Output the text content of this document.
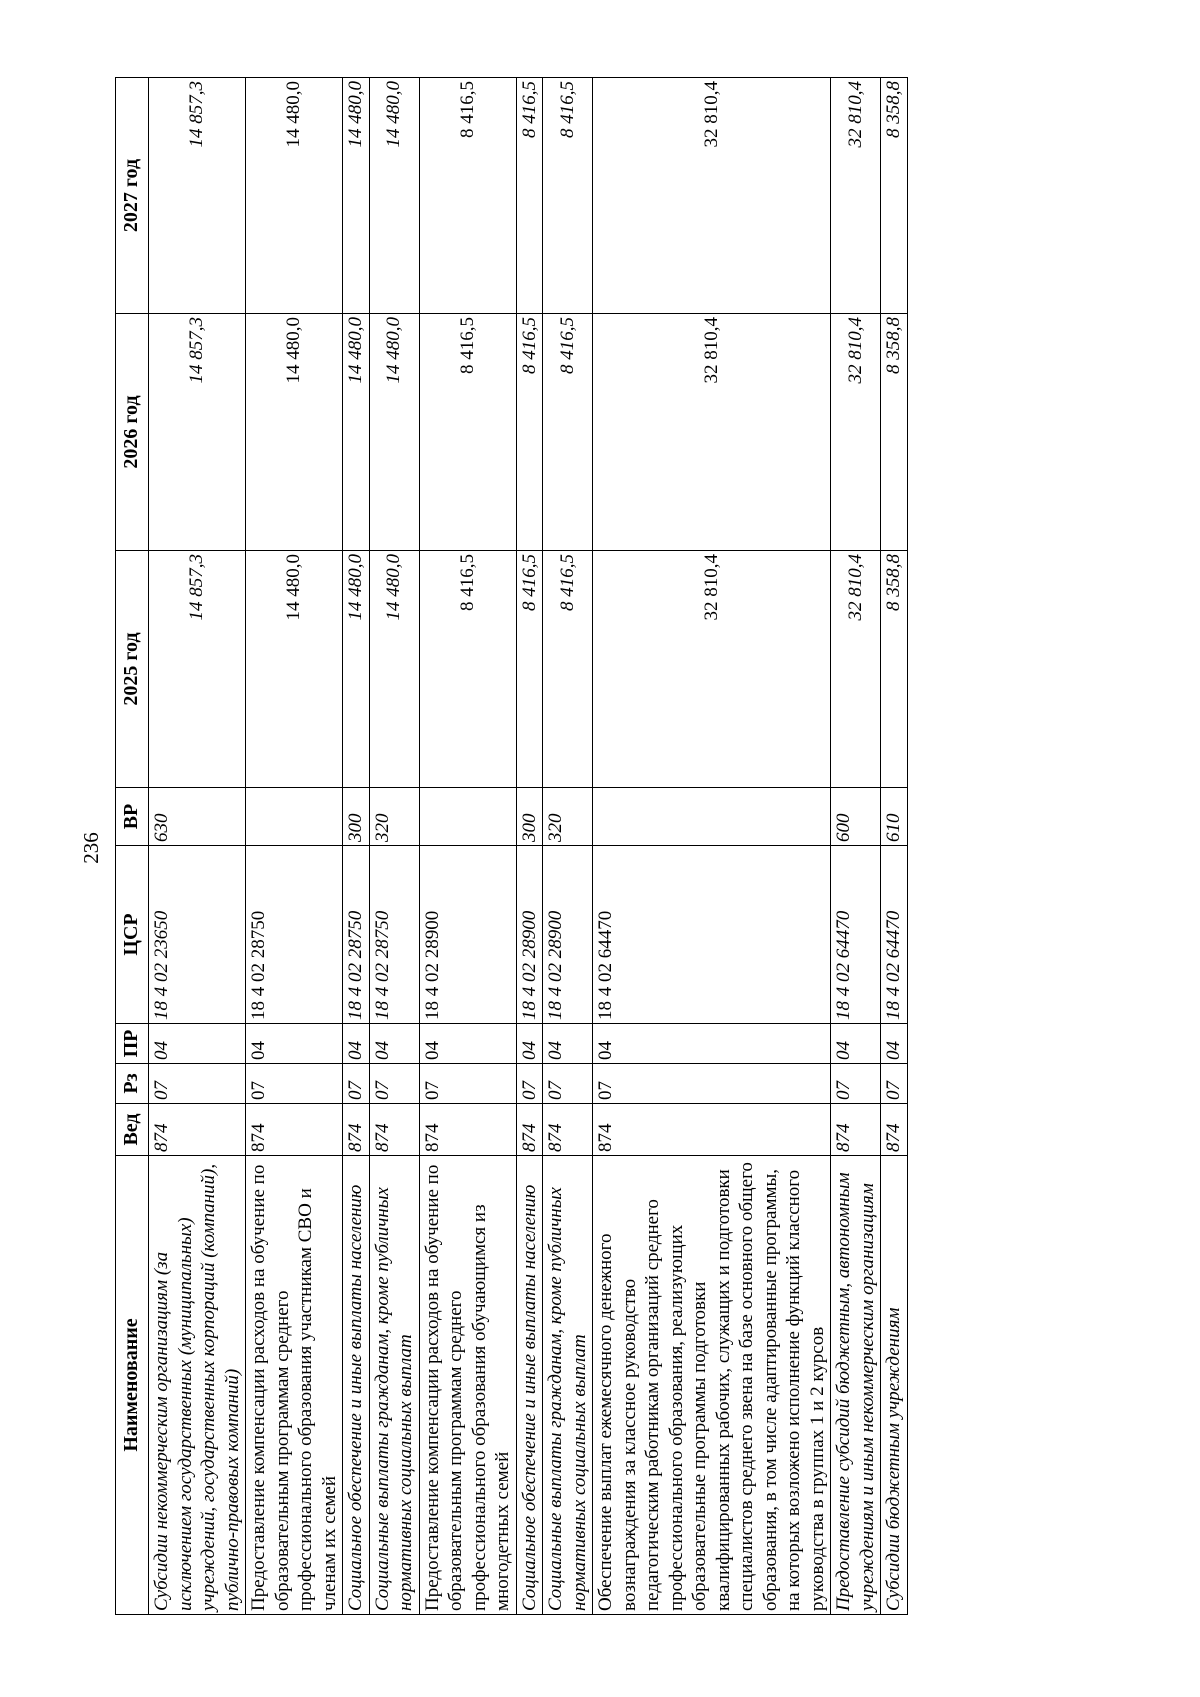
236
Наименование	Вед	Рз	ПР	ЦСР	ВР	2025 год	2026 год	2027 год
Субсидии некоммерческим организациям (за исключением государственных (муниципальных) учреждений, государственных корпораций (компаний), публично-правовых компаний)	874	07	04	18 4 02 23650	630	14 857,3	14 857,3	14 857,3
Предоставление компенсации расходов на обучение по образовательным программам среднего профессионального образования участникам СВО и членам их семей	874	07	04	18 4 02 28750		14 480,0	14 480,0	14 480,0
Социальное обеспечение и иные выплаты населению	874	07	04	18 4 02 28750	300	14 480,0	14 480,0	14 480,0
Социальные выплаты гражданам, кроме публичных нормативных социальных выплат	874	07	04	18 4 02 28750	320	14 480,0	14 480,0	14 480,0
Предоставление компенсации расходов на обучение по образовательным программам среднего профессионального образования обучающимся из многодетных семей	874	07	04	18 4 02 28900		8 416,5	8 416,5	8 416,5
Социальное обеспечение и иные выплаты населению	874	07	04	18 4 02 28900	300	8 416,5	8 416,5	8 416,5
Социальные выплаты гражданам, кроме публичных нормативных социальных выплат	874	07	04	18 4 02 28900	320	8 416,5	8 416,5	8 416,5
Обеспечение выплат ежемесячного денежного вознаграждения за классное руководство педагогическим работникам организаций среднего профессионального образования, реализующих образовательные программы подготовки квалифицированных рабочих, служащих и подготовки специалистов среднего звена на базе основного общего образования, в том числе адаптированные программы, на которых возложено исполнение функций классного руководства в группах 1 и 2 курсов	874	07	04	18 4 02 64470		32 810,4	32 810,4	32 810,4
Предоставление субсидий бюджетным, автономным учреждениям и иным некоммерческим организациям	874	07	04	18 4 02 64470	600	32 810,4	32 810,4	32 810,4
Субсидии бюджетным учреждениям	874	07	04	18 4 02 64470	610	8 358,8	8 358,8	8 358,8
